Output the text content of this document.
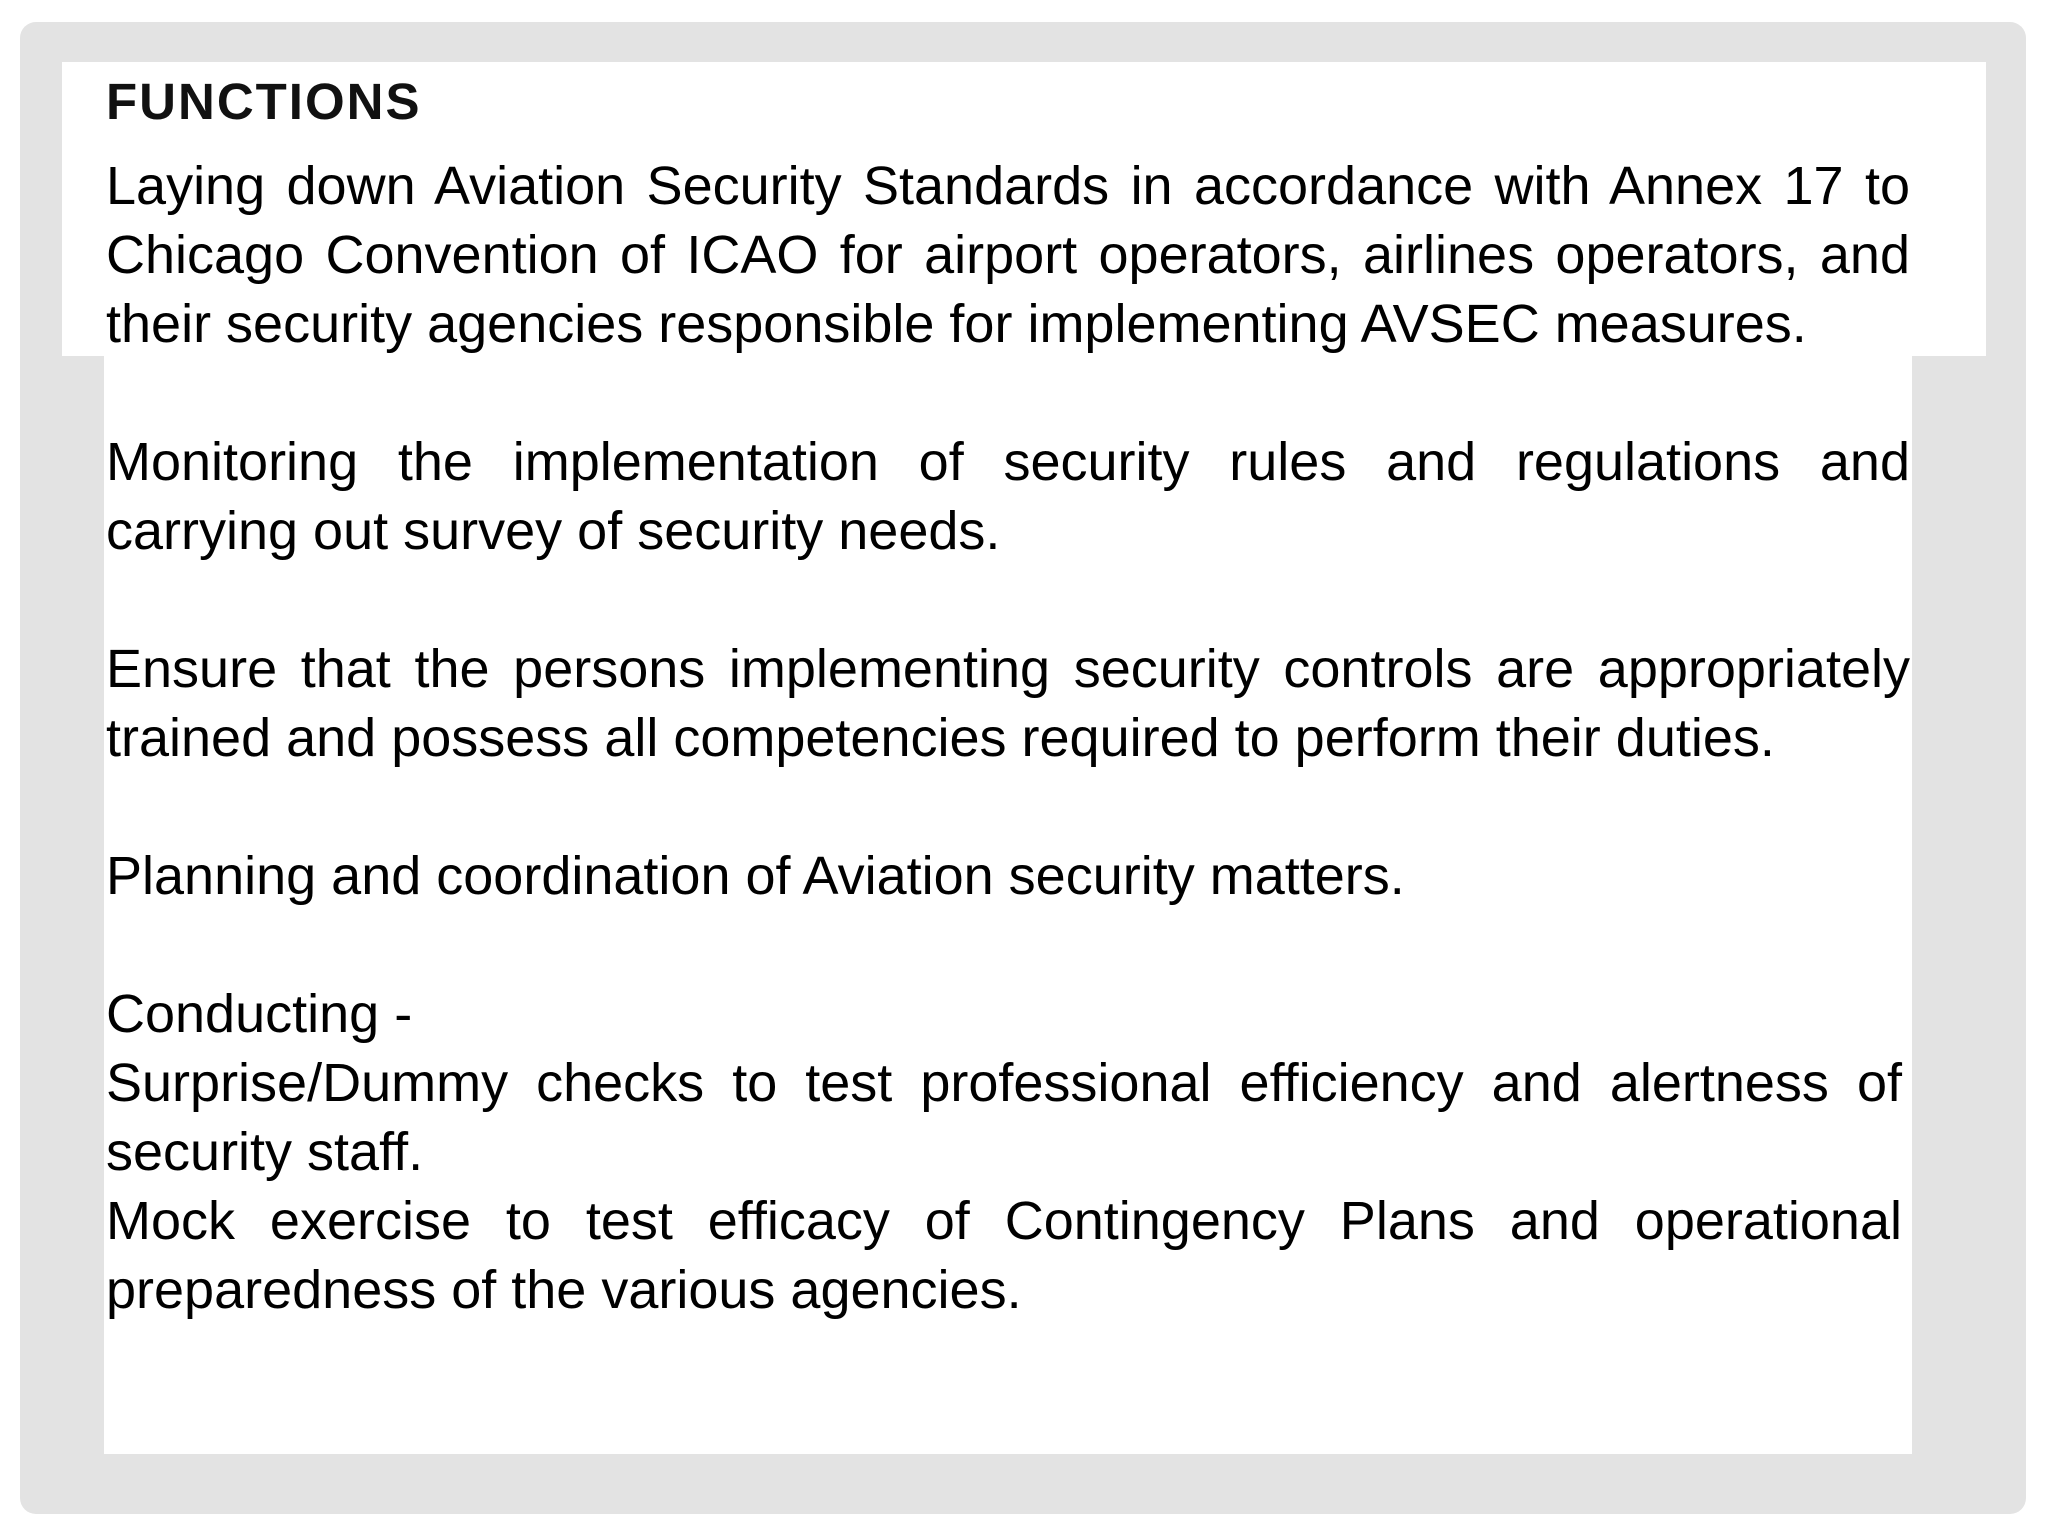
FUNCTIONS

Laying down Aviation Security Standards in accordance with Annex 17 to Chicago Convention of ICAO for airport operators, airlines operators, and their security agencies responsible for implementing AVSEC measures.

Monitoring the implementation of security rules and regulations and carrying out survey of security needs.

Ensure that the persons implementing security controls are appropriately trained and possess all competencies required to perform their duties.

Planning and coordination of Aviation security matters.

Conducting -
Surprise/Dummy checks to test professional efficiency and alertness of security staff.
Mock exercise to test efficacy of Contingency Plans and operational preparedness of the various agencies.
